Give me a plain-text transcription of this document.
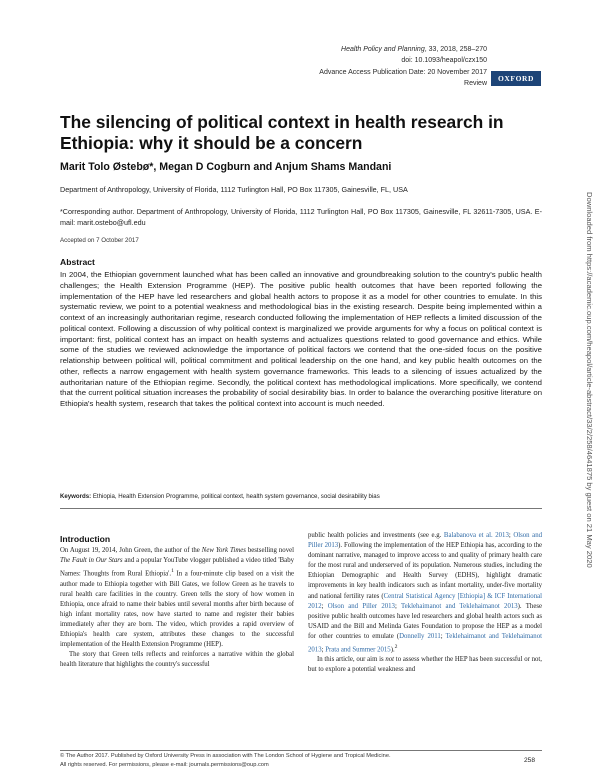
Health Policy and Planning, 33, 2018, 258–270
doi: 10.1093/heapol/czx150
Advance Access Publication Date: 20 November 2017
Review
OXFORD
The silencing of political context in health research in Ethiopia: why it should be a concern
Marit Tolo Østebø*, Megan D Cogburn and Anjum Shams Mandani
Department of Anthropology, University of Florida, 1112 Turlington Hall, PO Box 117305, Gainesville, FL, USA
*Corresponding author. Department of Anthropology, University of Florida, 1112 Turlington Hall, PO Box 117305, Gainesville, FL 32611-7305, USA. E-mail: marit.ostebo@ufl.edu
Accepted on 7 October 2017
Abstract

In 2004, the Ethiopian government launched what has been called an innovative and groundbreaking solution to the country's public health challenges; the Health Extension Programme (HEP). The positive public health outcomes that have been reported following the implementation of the HEP have led researchers and global health actors to propose it as a model for other countries to emulate. In this systematic review, we point to a potential weakness and methodological bias in the existing research. Despite being implemented within a context of an increasingly authoritarian regime, research conducted following the implementation of HEP reflects a limited discussion of the political context. Following a discussion of why political context is marginalized we provide arguments for why a focus on political context is important: first, political context has an impact on health systems and actualizes questions related to good governance and ethics. While some of the studies we reviewed acknowledge the importance of political factors we contend that the one-sided focus on the positive relationship between political will, political commitment and political leadership on the one hand, and key public health outcomes on the other, reflects a narrow engagement with health system governance frameworks. This leads to a silencing of issues actualized by the authoritarian nature of the Ethiopian regime. Secondly, the political context has methodological implications. More specifically, we contend that the current political situation increases the probability of social desirability bias. In order to balance the overarching positive literature on Ethiopia's health system, research that takes the political context into account is much needed.

Keywords: Ethiopia, Health Extension Programme, political context, health system governance, social desirability bias
Introduction

On August 19, 2014, John Green, the author of the New York Times bestselling novel The Fault in Our Stars and a popular YouTube vlogger published a video titled 'Baby Names: Thoughts from Rural Ethiopia'.$^1$ In a four-minute clip based on a visit the author made to Ethiopia together with Bill Gates, we follow Green as he travels to rural health care facilities in the country. Green tells the story of how women in Ethiopia, once afraid to name their babies until several months after birth because of high infant mortality rates, now have started to name and register their babies immediately after they are born. The video, which provides a rapid overview of Ethiopia's health care system, attributes these changes to the successful implementation of the Health Extension Programme (HEP).

The story that Green tells reflects and reinforces a narrative within the global health literature that highlights the country's successful

public health policies and investments (see e.g. Balabanova et al. 2013; Olson and Piller 2013). Following the implementation of the HEP Ethiopia has, according to the dominant narrative, managed to improve access to and quality of primary health care for the most rural and underserved of its population. Numerous studies, including the Ethiopian Demographic and Health Survey (EDHS), highlight dramatic improvements in key health indicators such as infant mortality, under-five mortality and national fertility rates (Central Statistical Agency [Ethiopia] & ICF International 2012; Olson and Piller 2013; Teklehaimanot and Teklehaimanot 2013). These positive public health outcomes have led researchers and global health actors such as USAID and the Bill and Melinda Gates Foundation to propose the HEP as a model for other countries to emulate (Donnelly 2011; Teklehaimanot and Teklehaimanot 2013; Prata and Summer 2015).$^2$

In this article, our aim is not to assess whether the HEP has been successful or not, but to explore a potential weakness and

© The Author 2017. Published by Oxford University Press in association with The London School of Hygiene and Tropical Medicine.
All rights reserved. For permissions, please e-mail: journals.permissions@oup.com
258
Downloaded from https://academic.oup.com/heapol/article-abstract/33/2/258/4641875 by guest on 21 May 2020
